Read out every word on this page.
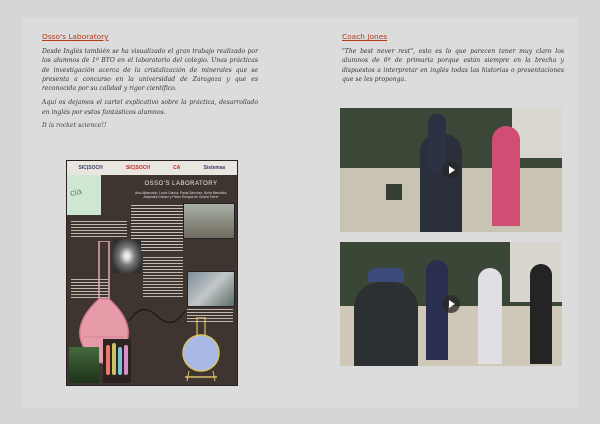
Osso's Laboratory

Desde Inglés también se ha visualizado el gran trabajo realizado por los alumnos de 1º BTO en el laboratorio del colegio. Unas prácticas de investigación acerca de la cristalización de minerales que se presenta a concurso en la universidad de Zaragoza y que es reconocida por su calidad y rigor científico.

Aquí os dejamos el cartel explicativo sobre la práctica, desarrollado en inglés por estos fantásticos alumnos.

It is rocket science!!

SIC|SOCH	SIC|SOCH	CA	Sistemas
cia
OSSO'S LABORATORY
Ana Aldanondo, Lucía García, Paula Sánchez, Nuria Mendiola, Alejandra Gómez y Pedro Enrique de Gracia Ferrer

Coach Jones

"The best never rest", esto es lo que parecen tener muy claro los alumnos de 6º de primaria porque están siempre en la brecha y dispuestos a interpretar en inglés todas las historias o presentaciones que se les proponga.
